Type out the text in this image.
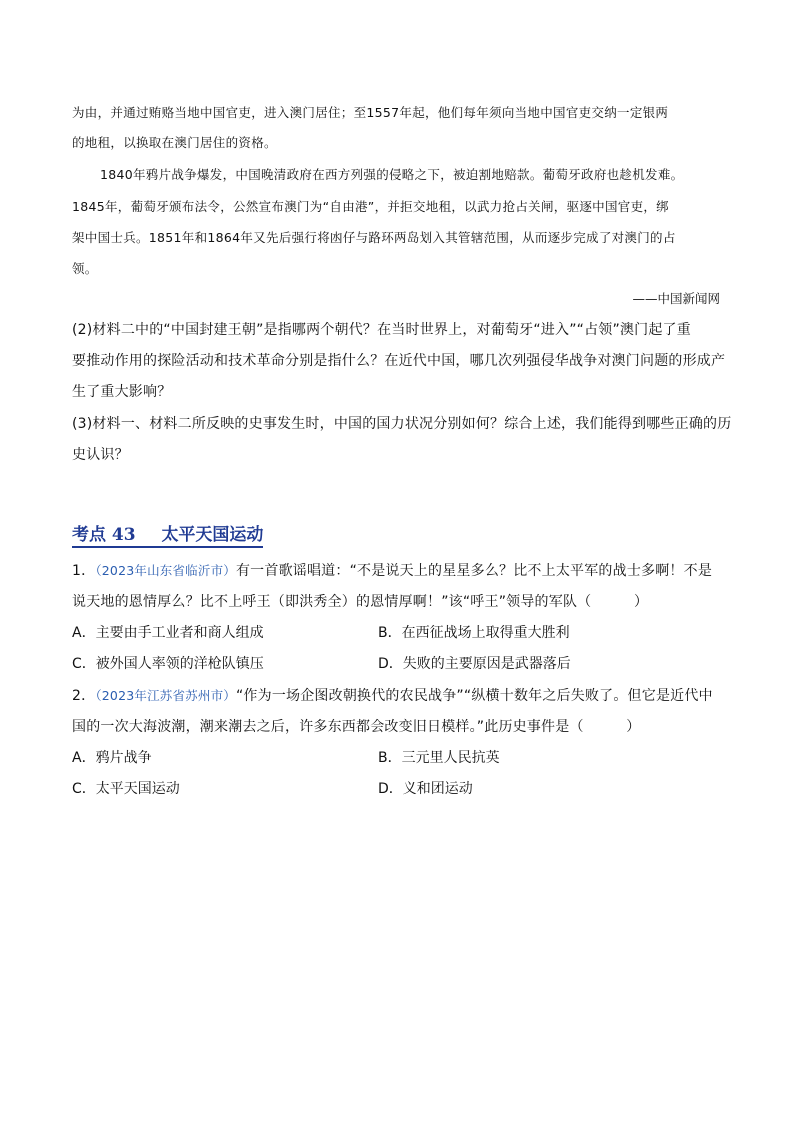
为由，并通过贿赂当地中国官吏，进入澳门居住；至1557年起，他们每年须向当地中国官吏交纳一定银两
的地租，以换取在澳门居住的资格。
1840年鸦片战争爆发，中国晚清政府在西方列强的侵略之下，被迫割地赔款。葡萄牙政府也趁机发难。
1845年，葡萄牙颁布法令，公然宣布澳门为“自由港”，并拒交地租，以武力抢占关闸，驱逐中国官吏，绑
架中国士兵。1851年和1864年又先后强行将凼仔与路环两岛划入其管辖范围，从而逐步完成了对澳门的占
领。
——中国新闻网
(2)材料二中的“中国封建王朝”是指哪两个朝代？在当时世界上，对葡萄牙“进入”“占领”澳门起了重
要推动作用的探险活动和技术革命分别是指什么？在近代中国，哪几次列强侵华战争对澳门问题的形成产
生了重大影响？
(3)材料一、材料二所反映的史事发生时，中国的国力状况分别如何？综合上述，我们能得到哪些正确的历
史认识？
考点 43 太平天国运动
1．（2023年山东省临沂市）有一首歌谣唱道：“不是说天上的星星多么？比不上太平军的战士多啊！不是
说天地的恩情厚么？比不上呼王（即洪秀全）的恩情厚啊！”该“呼王”领导的军队（　　　）
A．主要由手工业者和商人组成	B．在西征战场上取得重大胜利
C．被外国人率领的洋枪队镇压	D．失败的主要原因是武器落后
2．（2023年江苏省苏州市）“作为一场企图改朝换代的农民战争”“纵横十数年之后失败了。但它是近代中
国的一次大海波潮，潮来潮去之后，许多东西都会改变旧日模样。”此历史事件是（　　　）
A．鸦片战争	B．三元里人民抗英
C．太平天国运动	D．义和团运动
